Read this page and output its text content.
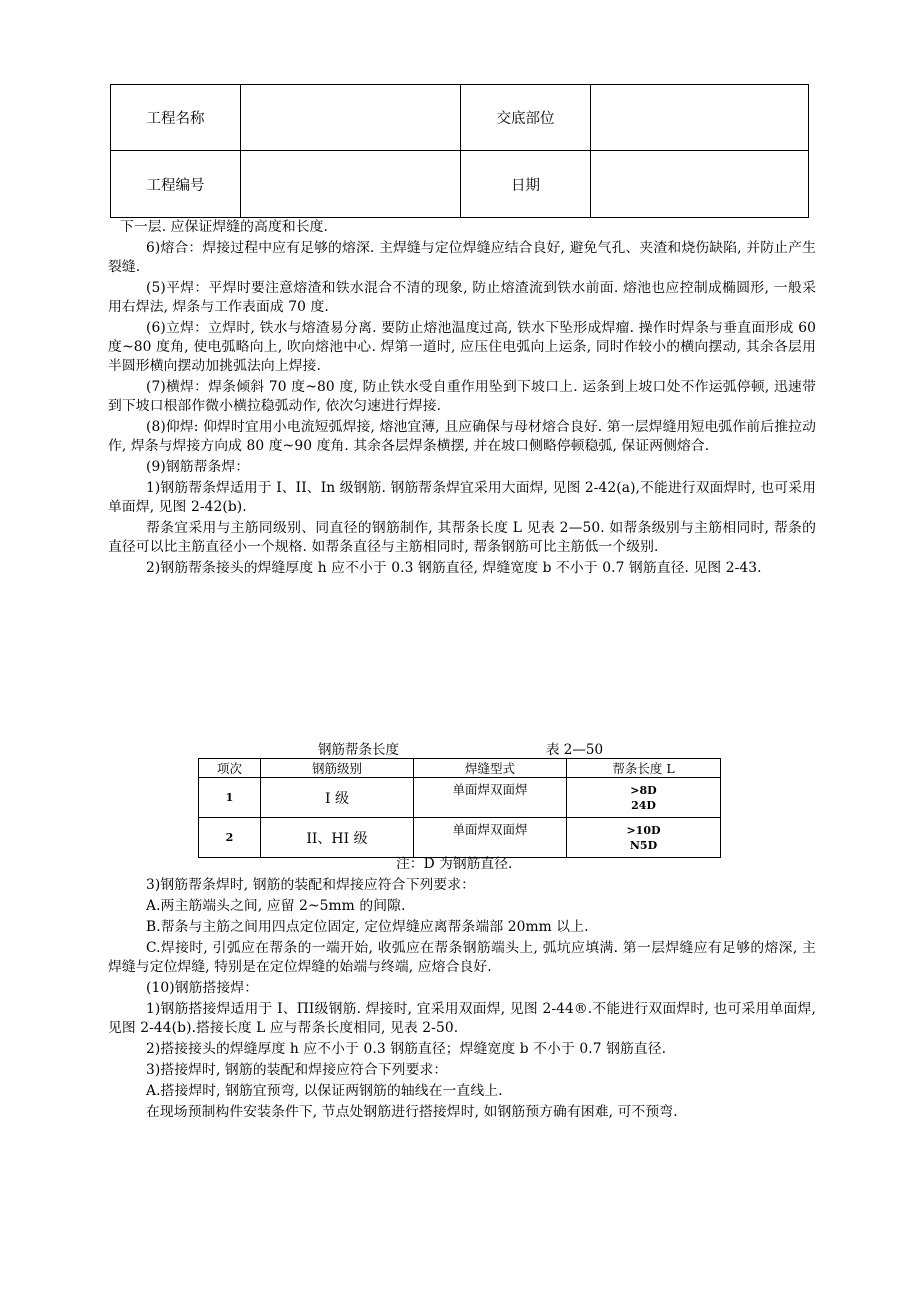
工程名称		交底部位	
工程编号		日期	

下一层. 应保证焊缝的高度和长度.

6)熔合：焊接过程中应有足够的熔深. 主焊缝与定位焊缝应结合良好, 避免气孔、夹渣和烧伤缺陷, 并防止产生裂缝.

(5)平焊：平焊时要注意熔渣和铁水混合不清的现象, 防止熔渣流到铁水前面. 熔池也应控制成椭圆形, 一般采用右焊法, 焊条与工作表面成 70 度.

(6)立焊：立焊时, 铁水与熔渣易分离. 要防止熔池温度过高, 铁水下坠形成焊瘤. 操作时焊条与垂直面形成 60 度~80 度角, 使电弧略向上, 吹向熔池中心. 焊第一道时, 应压住电弧向上运条, 同时作较小的横向摆动, 其余各层用半圆形横向摆动加挑弧法向上焊接.

(7)横焊：焊条倾斜 70 度~80 度, 防止铁水受自重作用坠到下坡口上. 运条到上坡口处不作运弧停顿, 迅速带到下坡口根部作微小横拉稳弧动作, 依次匀速进行焊接.

(8)仰焊: 仰焊时宜用小电流短弧焊接, 熔池宜薄, 且应确保与母材熔合良好. 第一层焊缝用短电弧作前后推拉动作, 焊条与焊接方向成 80 度~90 度角. 其余各层焊条横摆, 并在坡口侧略停顿稳弧, 保证两侧熔合.

(9)钢筋帮条焊：

1)钢筋帮条焊适用于 I、II、In 级钢筋. 钢筋帮条焊宜采用大面焊, 见图 2-42(a),不能进行双面焊时, 也可采用单面焊, 见图 2-42(b).

帮条宜采用与主筋同级别、同直径的钢筋制作, 其帮条长度 L 见表 2—50. 如帮条级别与主筋相同时, 帮条的直径可以比主筋直径小一个规格. 如帮条直径与主筋相同时, 帮条钢筋可比主筋低一个级别.

2)钢筋帮条接头的焊缝厚度 h 应不小于 0.3 钢筋直径, 焊缝宽度 b 不小于 0.7 钢筋直径. 见图 2-43.

钢筋帮条长度	表 2—50
项次	钢筋级别	焊缝型式	帮条长度 L
1	I 级	单面焊双面焊	>8D
24D

2	II、HI 级	单面焊双面焊	>10D
N5D
注：D 为钢筋直径.

3)钢筋帮条焊时, 钢筋的装配和焊接应符合下列要求：

A.两主筋端头之间, 应留 2~5mm 的间隙.

B.帮条与主筋之间用四点定位固定, 定位焊缝应离帮条端部 20mm 以上.

C.焊接时, 引弧应在帮条的一端开始, 收弧应在帮条钢筋端头上, 弧坑应填满. 第一层焊缝应有足够的熔深, 主焊缝与定位焊缝, 特别是在定位焊缝的始端与终端, 应熔合良好.

(10)钢筋搭接焊：

1)钢筋搭接焊适用于 I、ΠI级钢筋. 焊接时, 宜采用双面焊, 见图 2-44®.不能进行双面焊时, 也可采用单面焊, 见图 2-44(b).搭接长度 L 应与帮条长度相同, 见表 2-50.

2)搭接接头的焊缝厚度 h 应不小于 0.3 钢筋直径；焊缝宽度 b 不小于 0.7 钢筋直径.

3)搭接焊时, 钢筋的装配和焊接应符合下列要求：

A.搭接焊时, 钢筋宜预弯, 以保证两钢筋的轴线在一直线上.

在现场预制构件安装条件下, 节点处钢筋进行搭接焊时, 如钢筋预方确有困难, 可不预弯.
